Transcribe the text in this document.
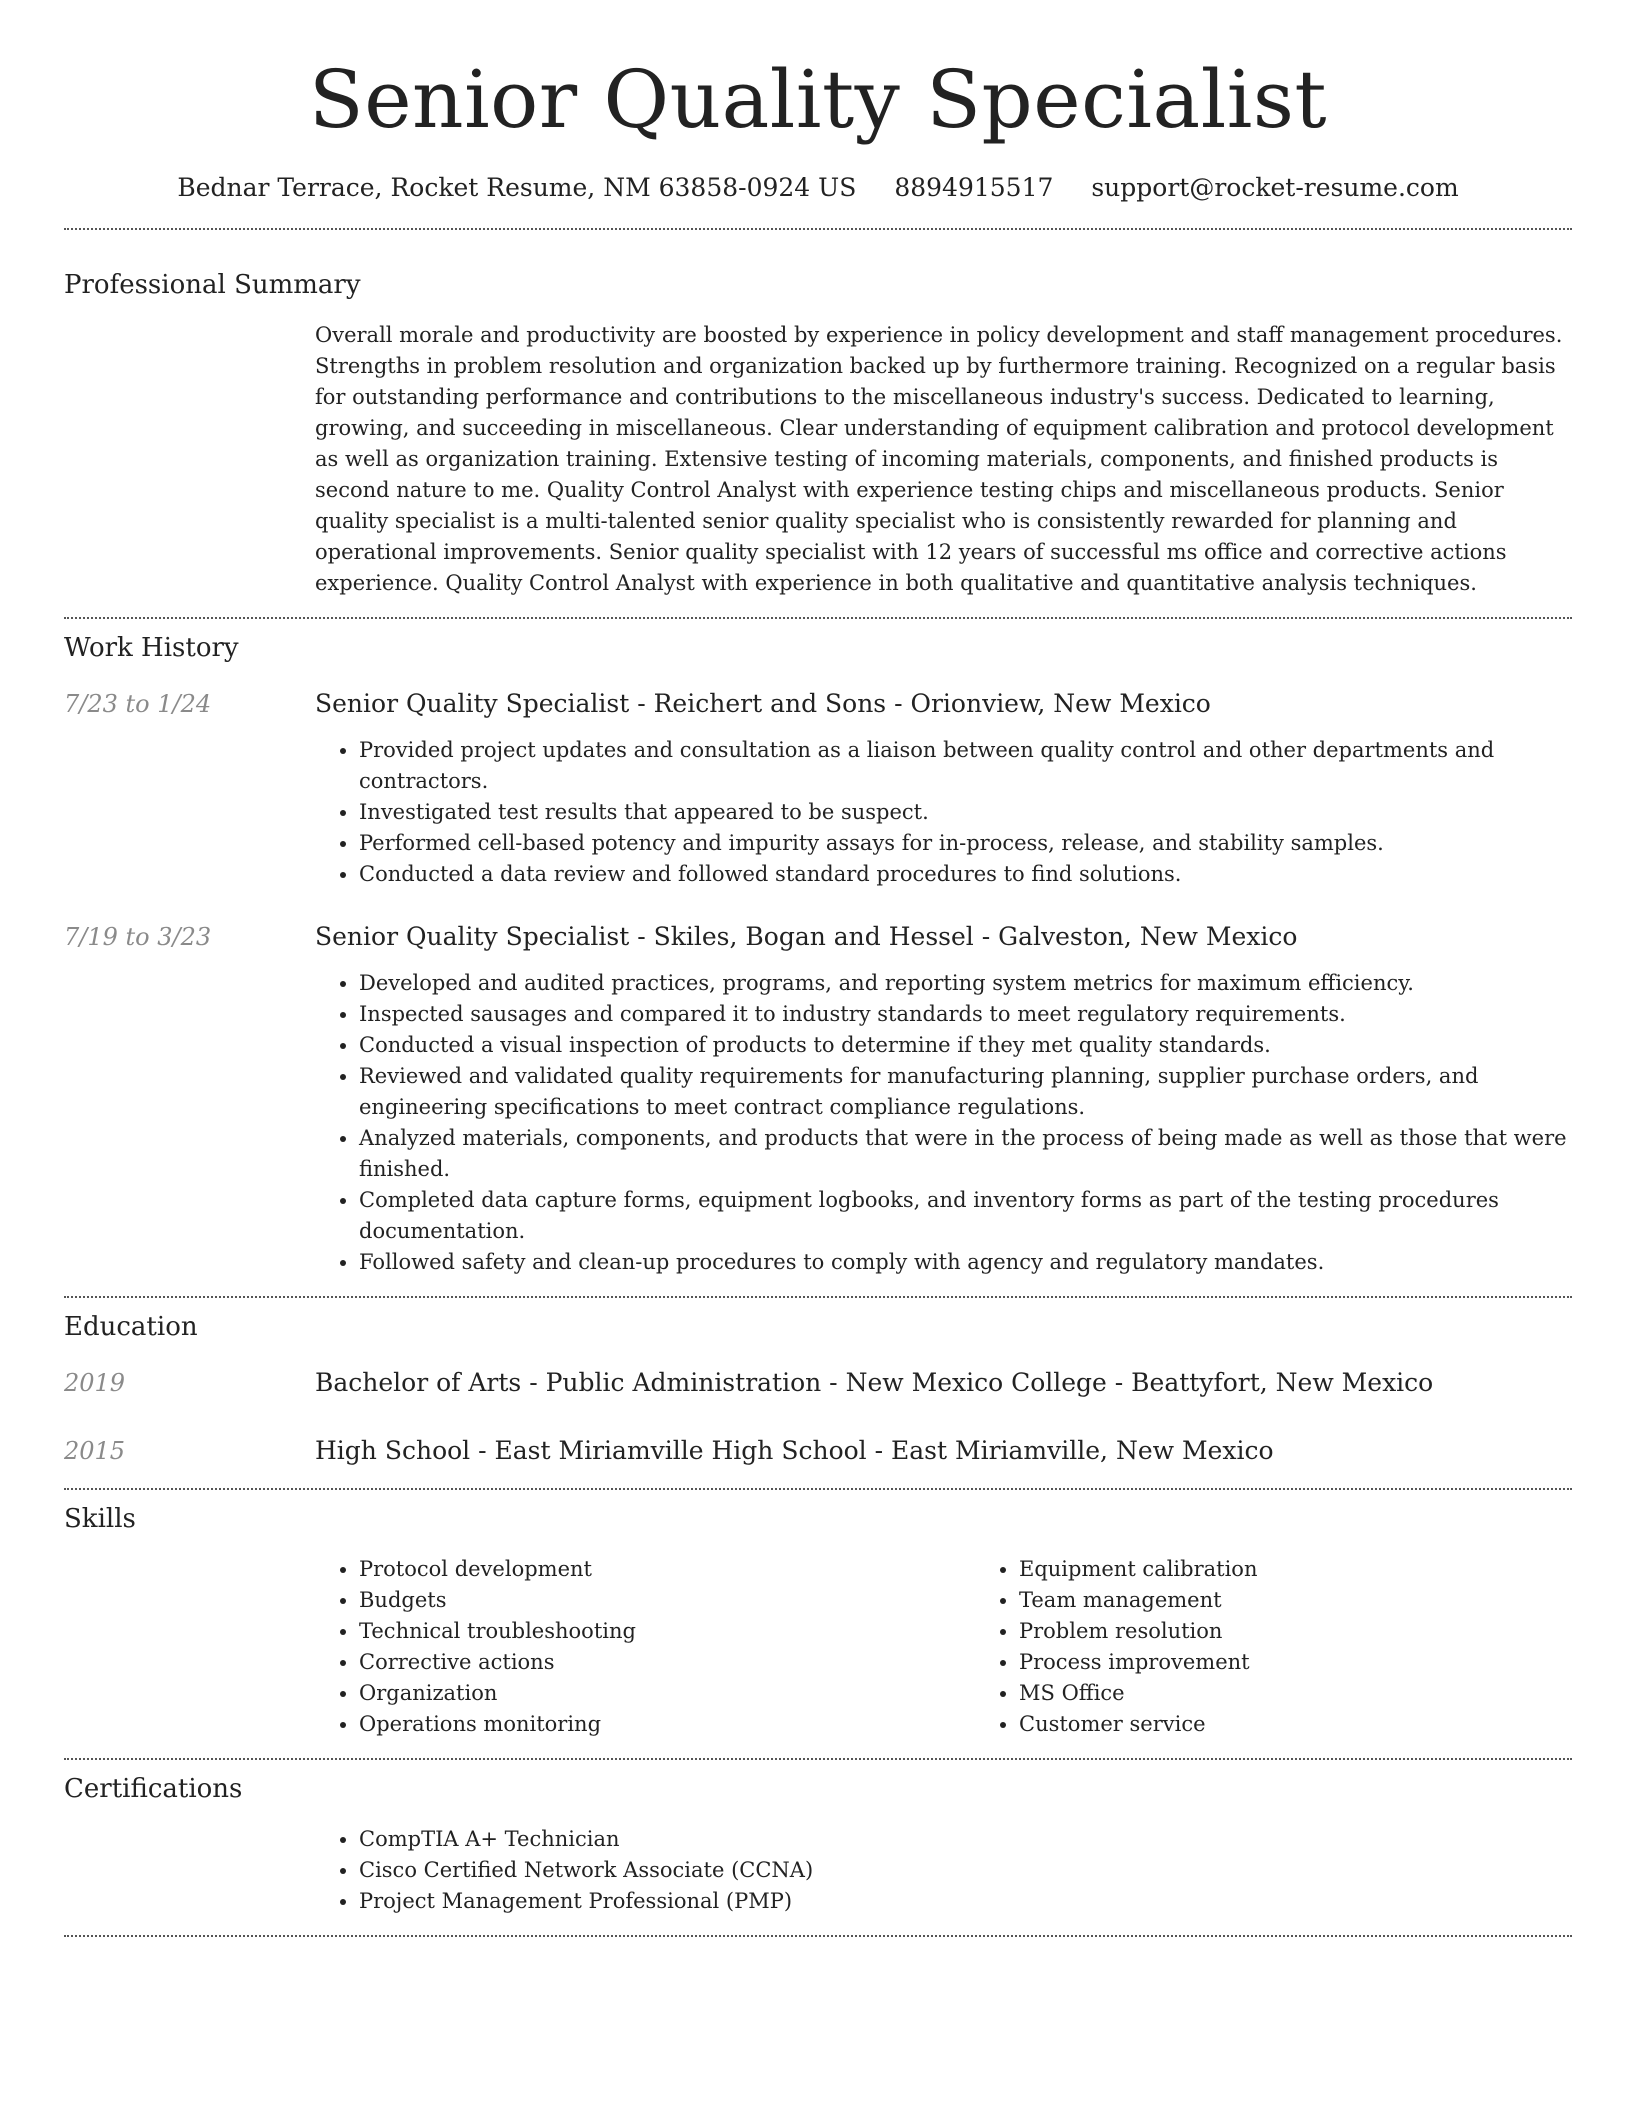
Senior Quality Specialist
Bednar Terrace, Rocket Resume, NM 63858-0924 US 8894915517 support@rocket-resume.com
Professional Summary

Overall morale and productivity are boosted by experience in policy development and staff management procedures. Strengths in problem resolution and organization backed up by furthermore training. Recognized on a regular basis for outstanding performance and contributions to the miscellaneous industry's success. Dedicated to learning, growing, and succeeding in miscellaneous. Clear understanding of equipment calibration and protocol development as well as organization training. Extensive testing of incoming materials, components, and finished products is second nature to me. Quality Control Analyst with experience testing chips and miscellaneous products. Senior quality specialist is a multi-talented senior quality specialist who is consistently rewarded for planning and operational improvements. Senior quality specialist with 12 years of successful ms office and corrective actions experience. Quality Control Analyst with experience in both qualitative and quantitative analysis techniques.

Work History
7/23 to 1/24	Senior Quality Specialist - Reichert and Sons - Orionview, New Mexico
• Provided project updates and consultation as a liaison between quality control and other departments and contractors.
• Investigated test results that appeared to be suspect.
• Performed cell-based potency and impurity assays for in-process, release, and stability samples.
• Conducted a data review and followed standard procedures to find solutions.
7/19 to 3/23	Senior Quality Specialist - Skiles, Bogan and Hessel - Galveston, New Mexico
• Developed and audited practices, programs, and reporting system metrics for maximum efficiency.
• Inspected sausages and compared it to industry standards to meet regulatory requirements.
• Conducted a visual inspection of products to determine if they met quality standards.
• Reviewed and validated quality requirements for manufacturing planning, supplier purchase orders, and engineering specifications to meet contract compliance regulations.
• Analyzed materials, components, and products that were in the process of being made as well as those that were finished.
• Completed data capture forms, equipment logbooks, and inventory forms as part of the testing procedures documentation.
• Followed safety and clean-up procedures to comply with agency and regulatory mandates.
Education
2019	Bachelor of Arts - Public Administration - New Mexico College - Beattyfort, New Mexico
2015	High School - East Miriamville High School - East Miriamville, New Mexico
Skills
• Protocol development
• Budgets
• Technical troubleshooting
• Corrective actions
• Organization
• Operations monitoring
• Equipment calibration
• Team management
• Problem resolution
• Process improvement
• MS Office
• Customer service
Certifications
• CompTIA A+ Technician
• Cisco Certified Network Associate (CCNA)
• Project Management Professional (PMP)
